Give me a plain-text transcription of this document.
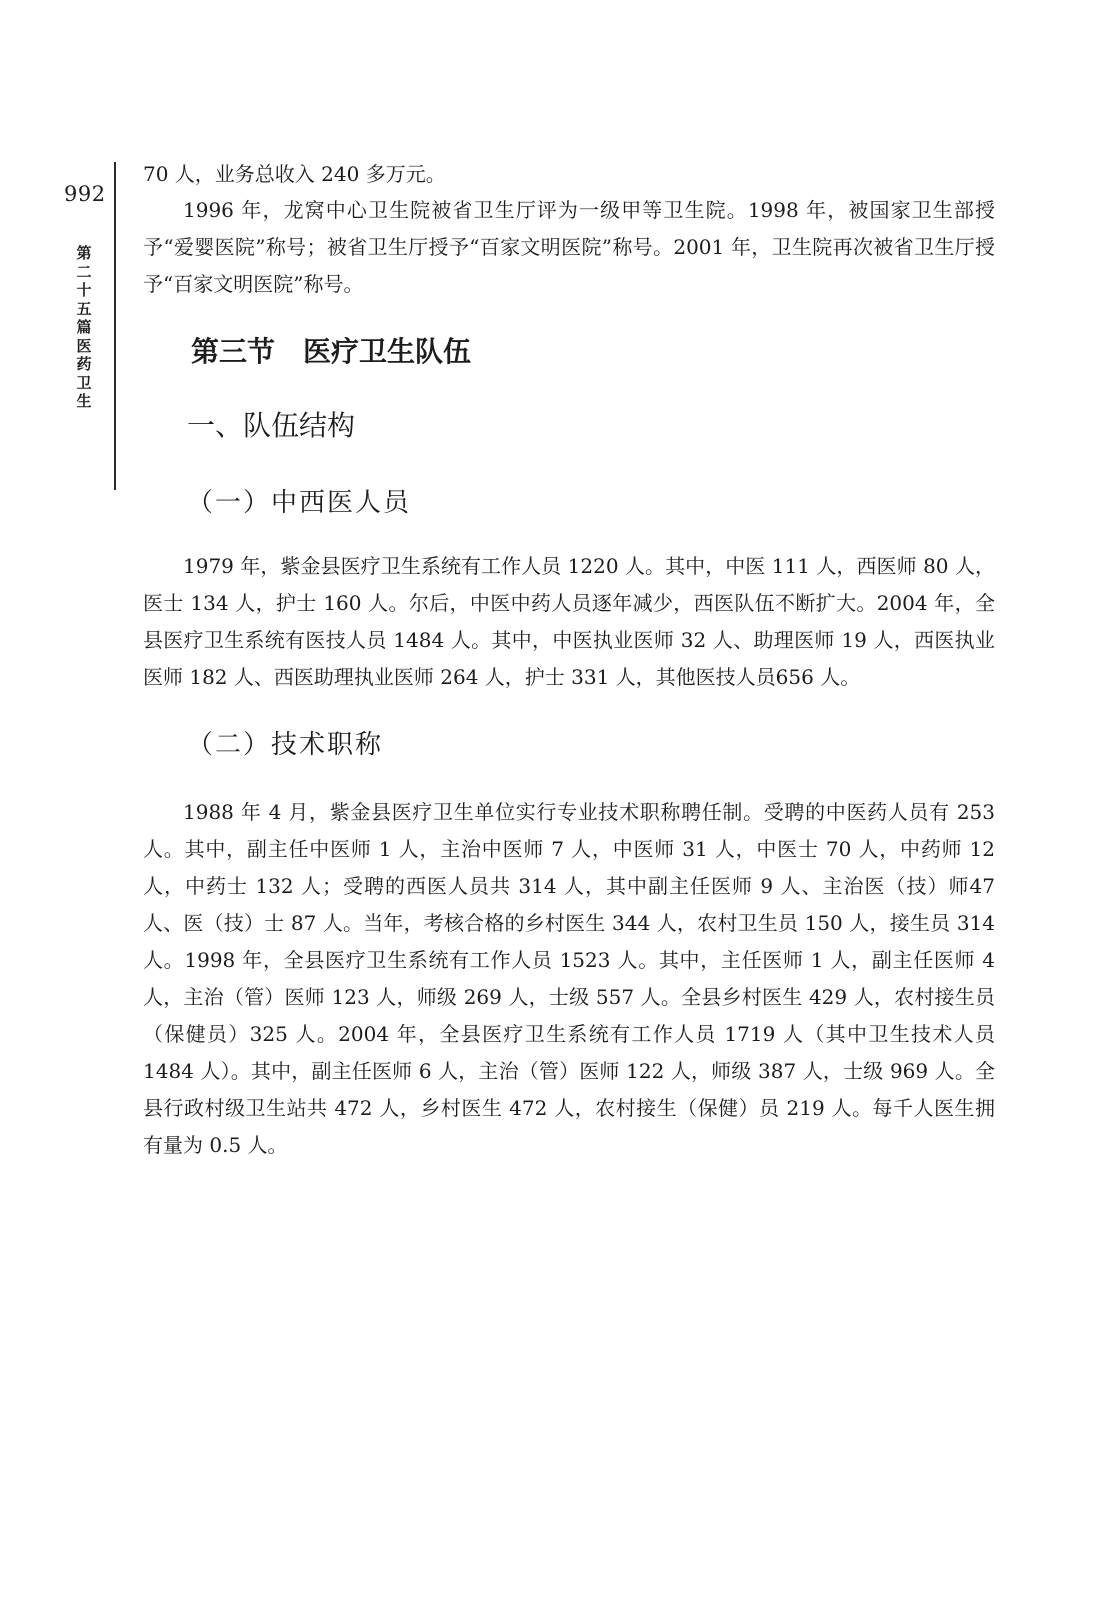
992
第二十五篇 医药 卫生

70 人，业务总收入 240 多万元。

1996 年，龙窝中心卫生院被省卫生厅评为一级甲等卫生院。1998 年，被国家卫生部授予“爱婴医院”称号；被省卫生厅授予“百家文明医院”称号。2001 年，卫生院再次被省卫生厅授予“百家文明医院”称号。

第三节　医疗卫生队伍
一、队伍结构
（一）中西医人员

1979 年，紫金县医疗卫生系统有工作人员 1220 人。其中，中医 111 人，西医师 80 人，医士 134 人，护士 160 人。尔后，中医中药人员逐年减少，西医队伍不断扩大。2004 年，全县医疗卫生系统有医技人员 1484 人。其中，中医执业医师 32 人、助理医师 19 人，西医执业医师 182 人、西医助理执业医师 264 人，护士 331 人，其他医技人员656 人。

（二）技术职称

1988 年 4 月，紫金县医疗卫生单位实行专业技术职称聘任制。受聘的中医药人员有 253 人。其中，副主任中医师 1 人，主治中医师 7 人，中医师 31 人，中医士 70 人，中药师 12 人，中药士 132 人；受聘的西医人员共 314 人，其中副主任医师 9 人、主治医（技）师47 人、医（技）士 87 人。当年，考核合格的乡村医生 344 人，农村卫生员 150 人，接生员 314 人。1998 年，全县医疗卫生系统有工作人员 1523 人。其中，主任医师 1 人，副主任医师 4 人，主治（管）医师 123 人，师级 269 人，士级 557 人。全县乡村医生 429 人，农村接生员（保健员）325 人。2004 年，全县医疗卫生系统有工作人员 1719 人（其中卫生技术人员 1484 人）。其中，副主任医师 6 人，主治（管）医师 122 人，师级 387 人，士级 969 人。全县行政村级卫生站共 472 人，乡村医生 472 人，农村接生（保健）员 219 人。每千人医生拥有量为 0.5 人。
